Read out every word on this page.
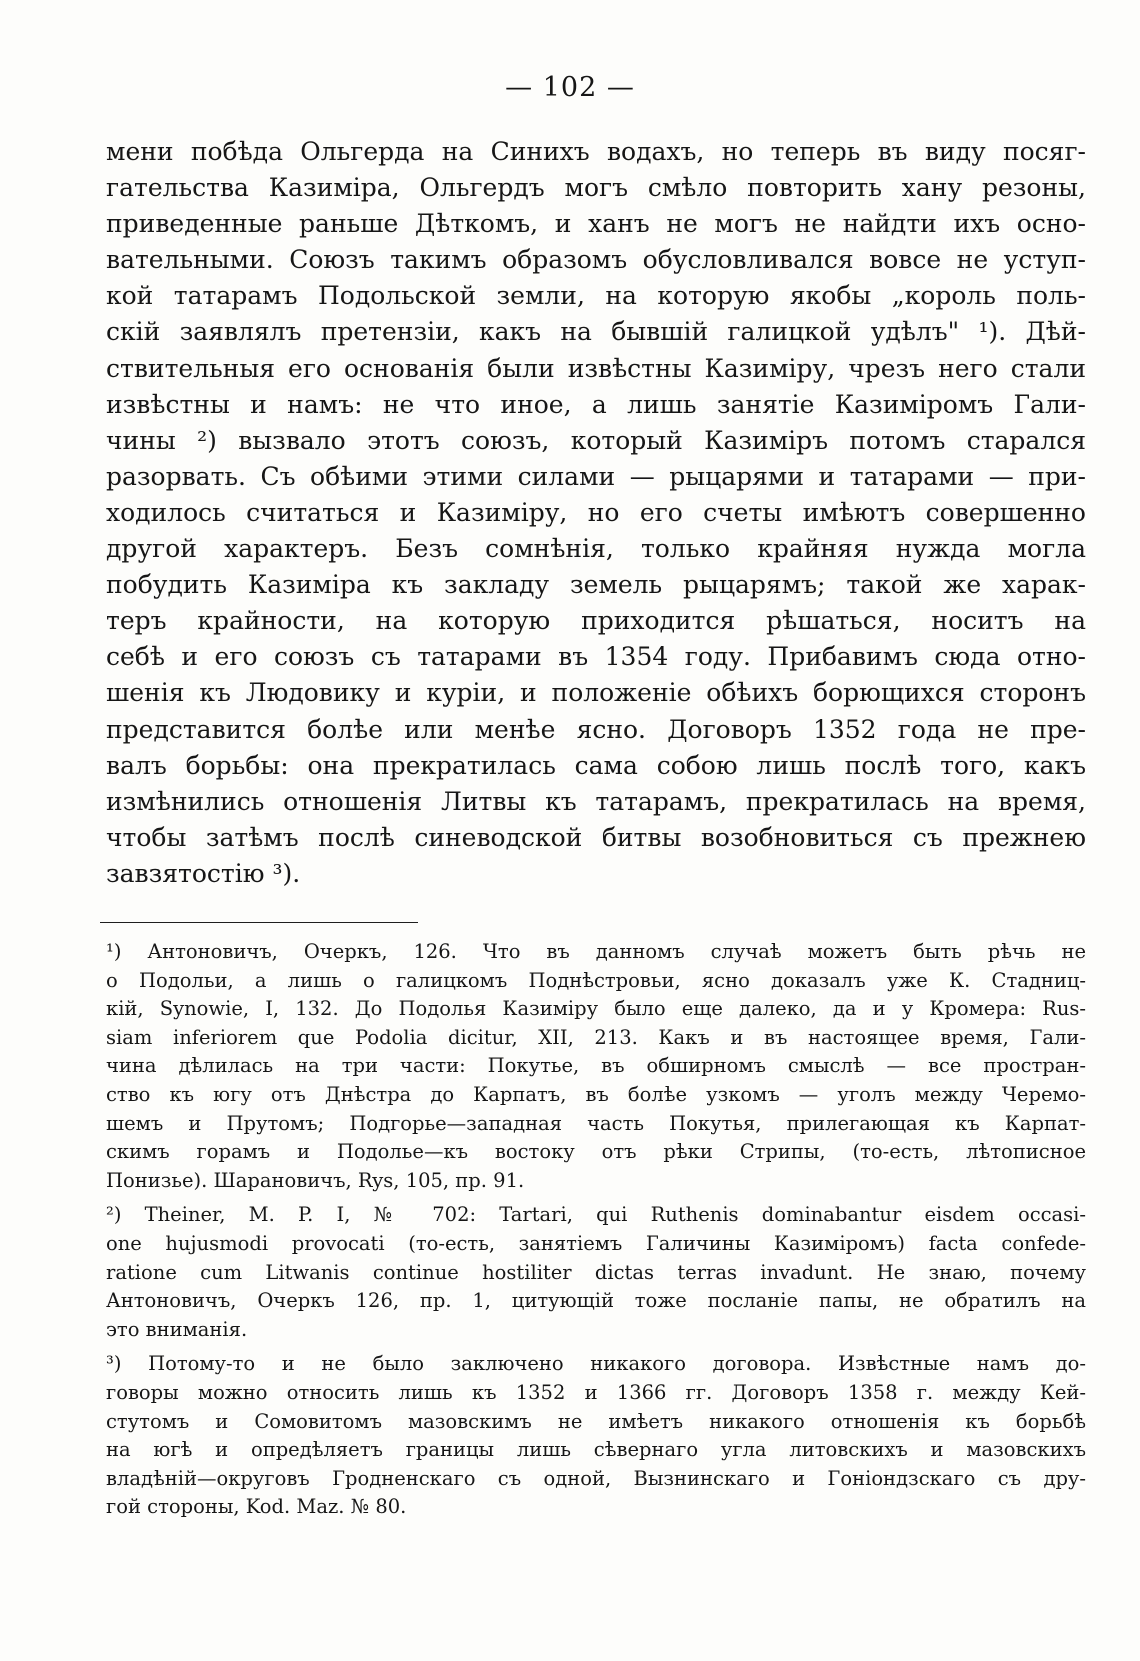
— 102 —
мени побѣда Ольгерда на Синихъ водахъ, но теперь въ виду посяг-
гательства Казиміра, Ольгердъ могъ смѣло повторить хану резоны,
приведенные раньше Дѣткомъ, и ханъ не могъ не найдти ихъ осно-
вательными. Союзъ такимъ образомъ обусловливался вовсе не уступ-
кой татарамъ Подольской земли, на которую якобы „король поль-
скій заявлялъ претензіи, какъ на бывшій галицкой удѣлъ" ¹). Дѣй-
ствительныя его основанія были извѣстны Казиміру, чрезъ него стали
извѣстны и намъ: не что иное, а лишь занятіе Казиміромъ Гали-
чины ²) вызвало этотъ союзъ, который Казиміръ потомъ старался
разорвать. Съ обѣими этими силами — рыцарями и татарами — при-
ходилось считаться и Казиміру, но его счеты имѣютъ совершенно
другой характеръ. Безъ сомнѣнія, только крайняя нужда могла
побудить Казиміра къ закладу земель рыцарямъ; такой же харак-
теръ крайности, на которую приходится рѣшаться, носитъ на
себѣ и его союзъ съ татарами въ 1354 году. Прибавимъ сюда отно-
шенія къ Людовику и куріи, и положеніе обѣихъ борющихся сторонъ
представится болѣе или менѣе ясно. Договоръ 1352 года не пре-
валъ борьбы: она прекратилась сама собою лишь послѣ того, какъ
измѣнились отношенія Литвы къ татарамъ, прекратилась на время,
чтобы затѣмъ послѣ синеводской битвы возобновиться съ прежнею
завзятостію ³).
¹) Антоновичъ, Очеркъ, 126. Что въ данномъ случаѣ можетъ быть рѣчь не
о Подольи, а лишь о галицкомъ Поднѣстровьи, ясно доказалъ уже К. Стадниц-
кій, Synowie, I, 132. До Подолья Казиміру было еще далеко, да и у Кромера: Rus-
siam inferiorem que Podolia dicitur, XII, 213. Какъ и въ настоящее время, Гали-
чина дѣлилась на три части: Покутье, въ обширномъ смыслѣ — все простран-
ство къ югу отъ Днѣстра до Карпатъ, въ болѣе узкомъ — уголъ между Черемо-
шемъ и Прутомъ; Подгорье—западная часть Покутья, прилегающая къ Карпат-
скимъ горамъ и Подолье—къ востоку отъ рѣки Стрипы, (то-есть, лѣтописное
Понизье). Шарановичъ, Rys, 105, пр. 91.
²) Theiner, M. P. I, № 702: Tartari, qui Ruthenis dominabantur eisdem occasi-
one hujusmodi provocati (то-есть, занятіемъ Галичины Казиміромъ) facta confede-
ratione cum Litwanis continue hostiliter dictas terras invadunt. Не знаю, почему
Антоновичъ, Очеркъ 126, пр. 1, цитующій тоже посланіе папы, не обратилъ на
это вниманія.
³) Потому-то и не было заключено никакого договора. Извѣстные намъ до-
говоры можно относить лишь къ 1352 и 1366 гг. Договоръ 1358 г. между Кей-
стутомъ и Сомовитомъ мазовскимъ не имѣетъ никакого отношенія къ борьбѣ
на югѣ и опредѣляетъ границы лишь сѣвернаго угла литовскихъ и мазовскихъ
владѣній—округовъ Гродненскаго съ одной, Вызнинскаго и Гоніондзскаго съ дру-
гой стороны, Kod. Maz. № 80.
